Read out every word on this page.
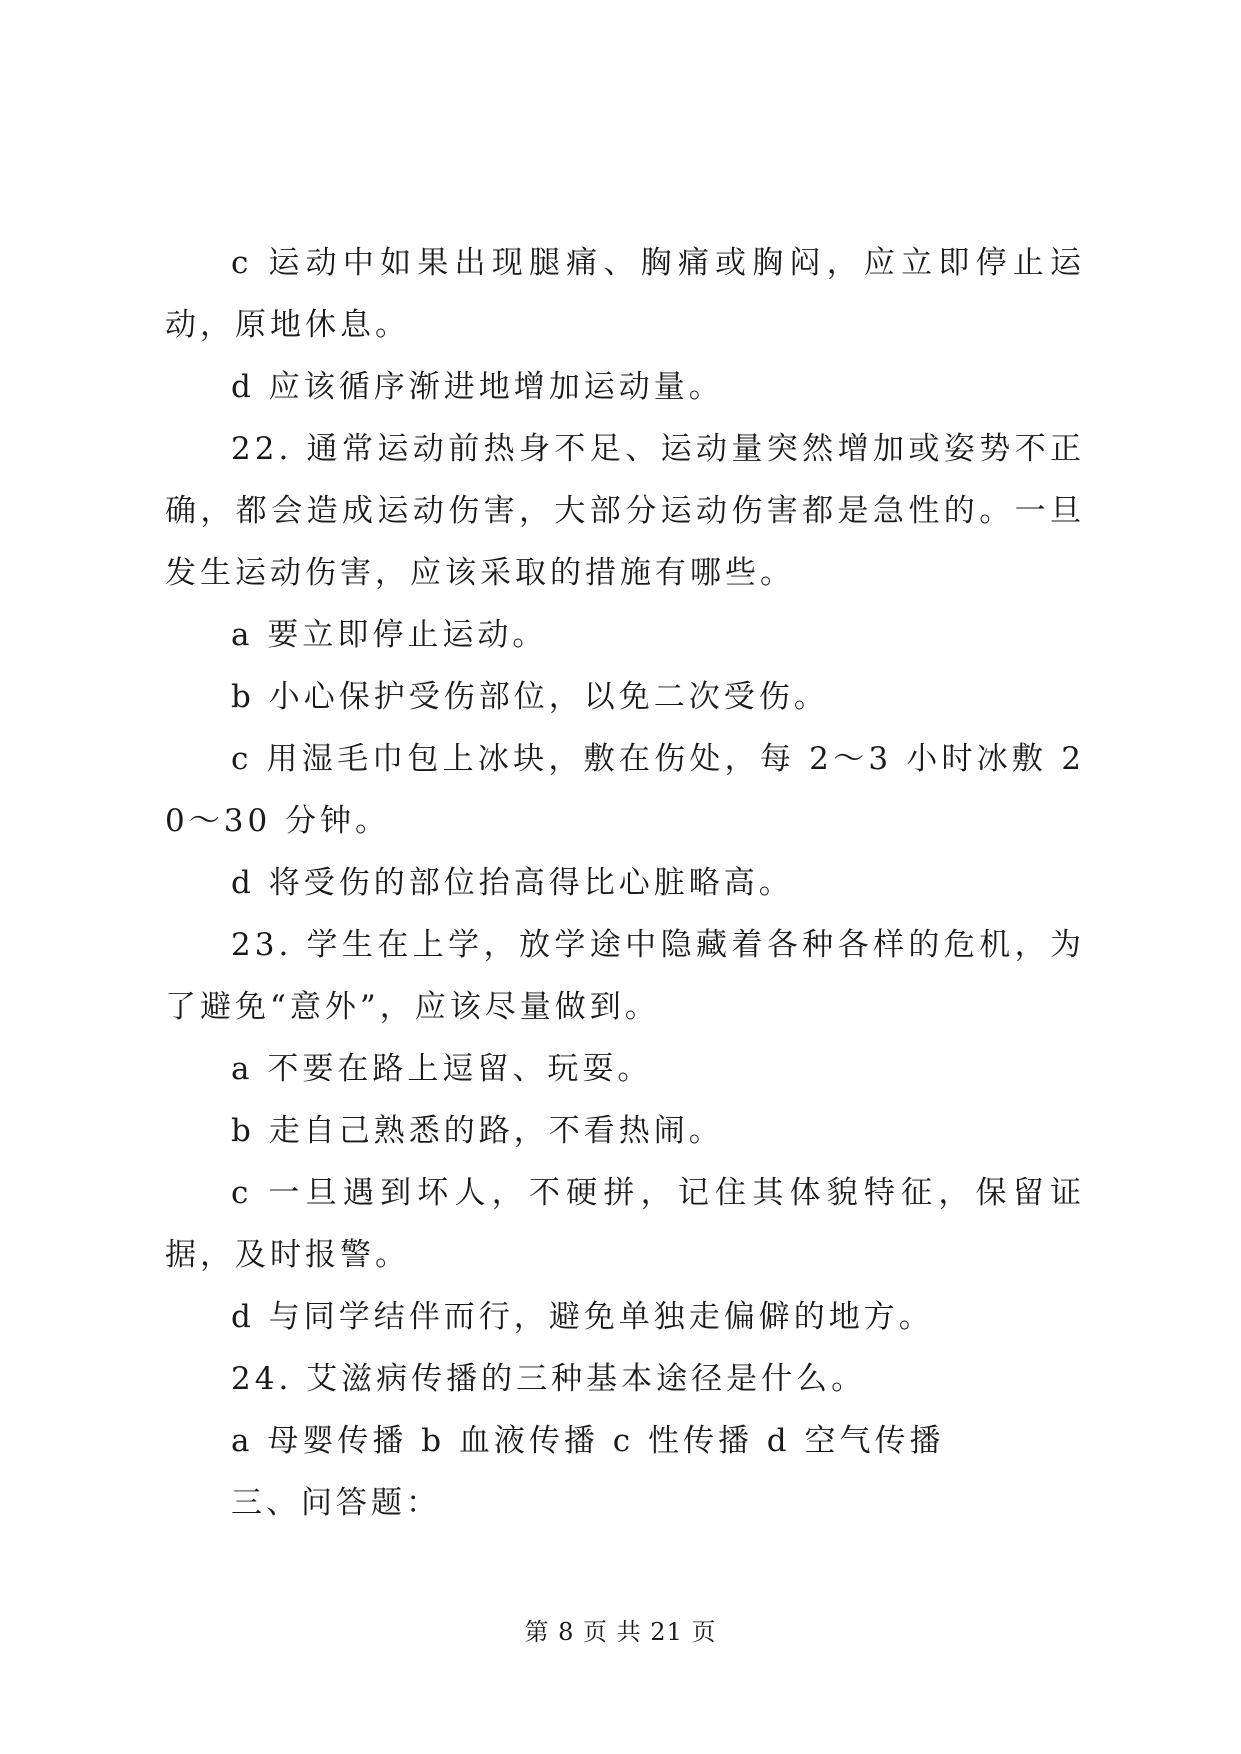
c 运动中如果出现腿痛、胸痛或胸闷，应立即停止运动，原地休息。

d 应该循序渐进地增加运动量。

22. 通常运动前热身不足、运动量突然增加或姿势不正确，都会造成运动伤害，大部分运动伤害都是急性的。一旦发生运动伤害，应该采取的措施有哪些。

a 要立即停止运动。

b 小心保护受伤部位，以免二次受伤。

c 用湿毛巾包上冰块，敷在伤处，每 2～3 小时冰敷 20～30 分钟。

d 将受伤的部位抬高得比心脏略高。

23. 学生在上学，放学途中隐藏着各种各样的危机，为了避免“意外”，应该尽量做到。

a 不要在路上逗留、玩耍。

b 走自己熟悉的路，不看热闹。

c 一旦遇到坏人，不硬拼，记住其体貌特征，保留证据，及时报警。

d 与同学结伴而行，避免单独走偏僻的地方。

24. 艾滋病传播的三种基本途径是什么。

a 母婴传播 b 血液传播 c 性传播 d 空气传播

三、问答题：

第 8 页 共 21 页
